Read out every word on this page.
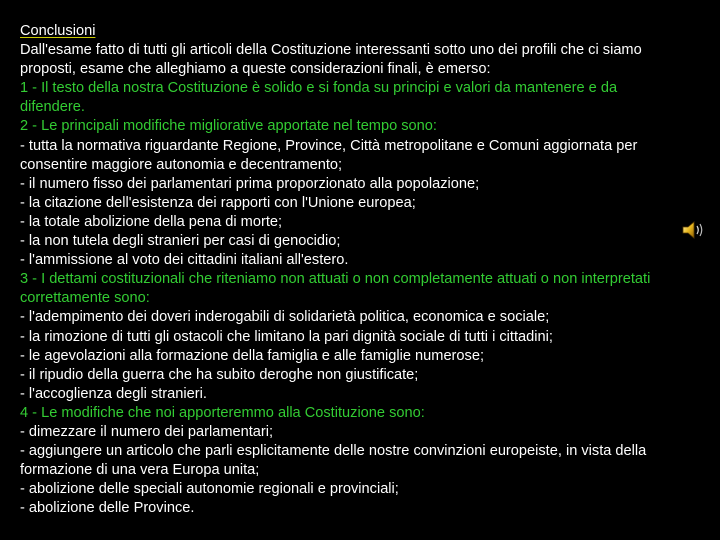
Conclusioni

Dall'esame fatto di tutti gli articoli della Costituzione interessanti sotto uno dei profili che ci siamo proposti, esame che alleghiamo a queste considerazioni finali, è emerso:

1 - Il testo della nostra Costituzione è solido e si fonda su principi e valori da mantenere e da difendere.

2 - Le principali modifiche migliorative apportate nel tempo sono:

- tutta la normativa riguardante Regione, Province, Città metropolitane e Comuni aggiornata per consentire maggiore autonomia e decentramento;

- il numero fisso dei parlamentari prima proporzionato alla popolazione;

- la citazione dell'esistenza dei rapporti con l'Unione europea;

- la totale abolizione della pena di morte;

- la non tutela degli stranieri per casi di genocidio;

- l'ammissione al voto dei cittadini italiani all'estero.

3 - I dettami costituzionali che riteniamo non attuati o non completamente attuati o non interpretati correttamente sono:

- l'adempimento dei doveri inderogabili di solidarietà politica, economica e sociale;

- la rimozione di tutti gli ostacoli che limitano la pari dignità sociale di tutti i cittadini;

- le agevolazioni alla formazione della famiglia e alle famiglie numerose;

- il ripudio della guerra che ha subito deroghe non giustificate;

- l'accoglienza degli stranieri.

4 - Le modifiche che noi apporteremmo alla Costituzione sono:

- dimezzare il numero dei parlamentari;

- aggiungere un articolo che parli esplicitamente delle nostre convinzioni europeiste, in vista della formazione di una vera Europa unita;

- abolizione delle speciali autonomie regionali e provinciali;

- abolizione delle Province.
